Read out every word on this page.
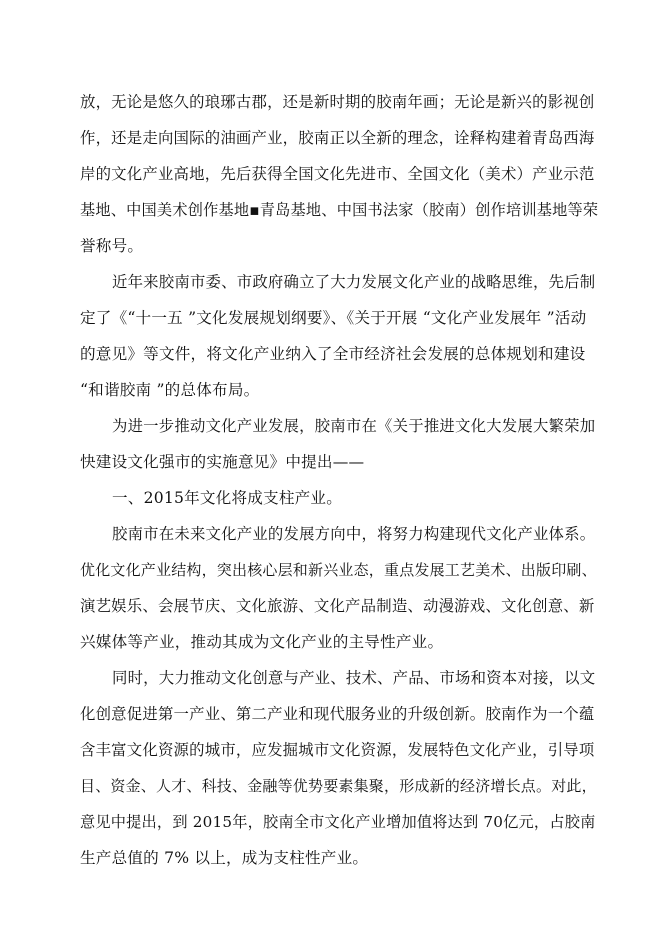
放，无论是悠久的琅琊古郡，还是新时期的胶南年画；无论是新兴的影视创
作，还是走向国际的油画产业，胶南正以全新的理念，诠释构建着青岛西海
岸的文化产业高地，先后获得全国文化先进市、全国文化（美术）产业示范
基地、中国美术创作基地▪青岛基地、中国书法家（胶南）创作培训基地等荣
誉称号。
近年来胶南市委、市政府确立了大力发展文化产业的战略思维，先后制
定了《“十一五 ”文化发展规划纲要》、《关于开展 “文化产业发展年 ”活动
的意见》等文件，将文化产业纳入了全市经济社会发展的总体规划和建设
“和谐胶南 ”的总体布局。
为进一步推动文化产业发展，胶南市在《关于推进文化大发展大繁荣加
快建设文化强市的实施意见》中提出——
一、2015年文化将成支柱产业。
胶南市在未来文化产业的发展方向中，将努力构建现代文化产业体系。
优化文化产业结构，突出核心层和新兴业态，重点发展工艺美术、出版印刷、
演艺娱乐、会展节庆、文化旅游、文化产品制造、动漫游戏、文化创意、新
兴媒体等产业，推动其成为文化产业的主导性产业。
同时，大力推动文化创意与产业、技术、产品、市场和资本对接，以文
化创意促进第一产业、第二产业和现代服务业的升级创新。胶南作为一个蕴
含丰富文化资源的城市，应发掘城市文化资源，发展特色文化产业，引导项
目、资金、人才、科技、金融等优势要素集聚，形成新的经济增长点。对此，
意见中提出，到 2015年，胶南全市文化产业增加值将达到 70亿元，占胶南
生产总值的 7% 以上，成为支柱性产业。
